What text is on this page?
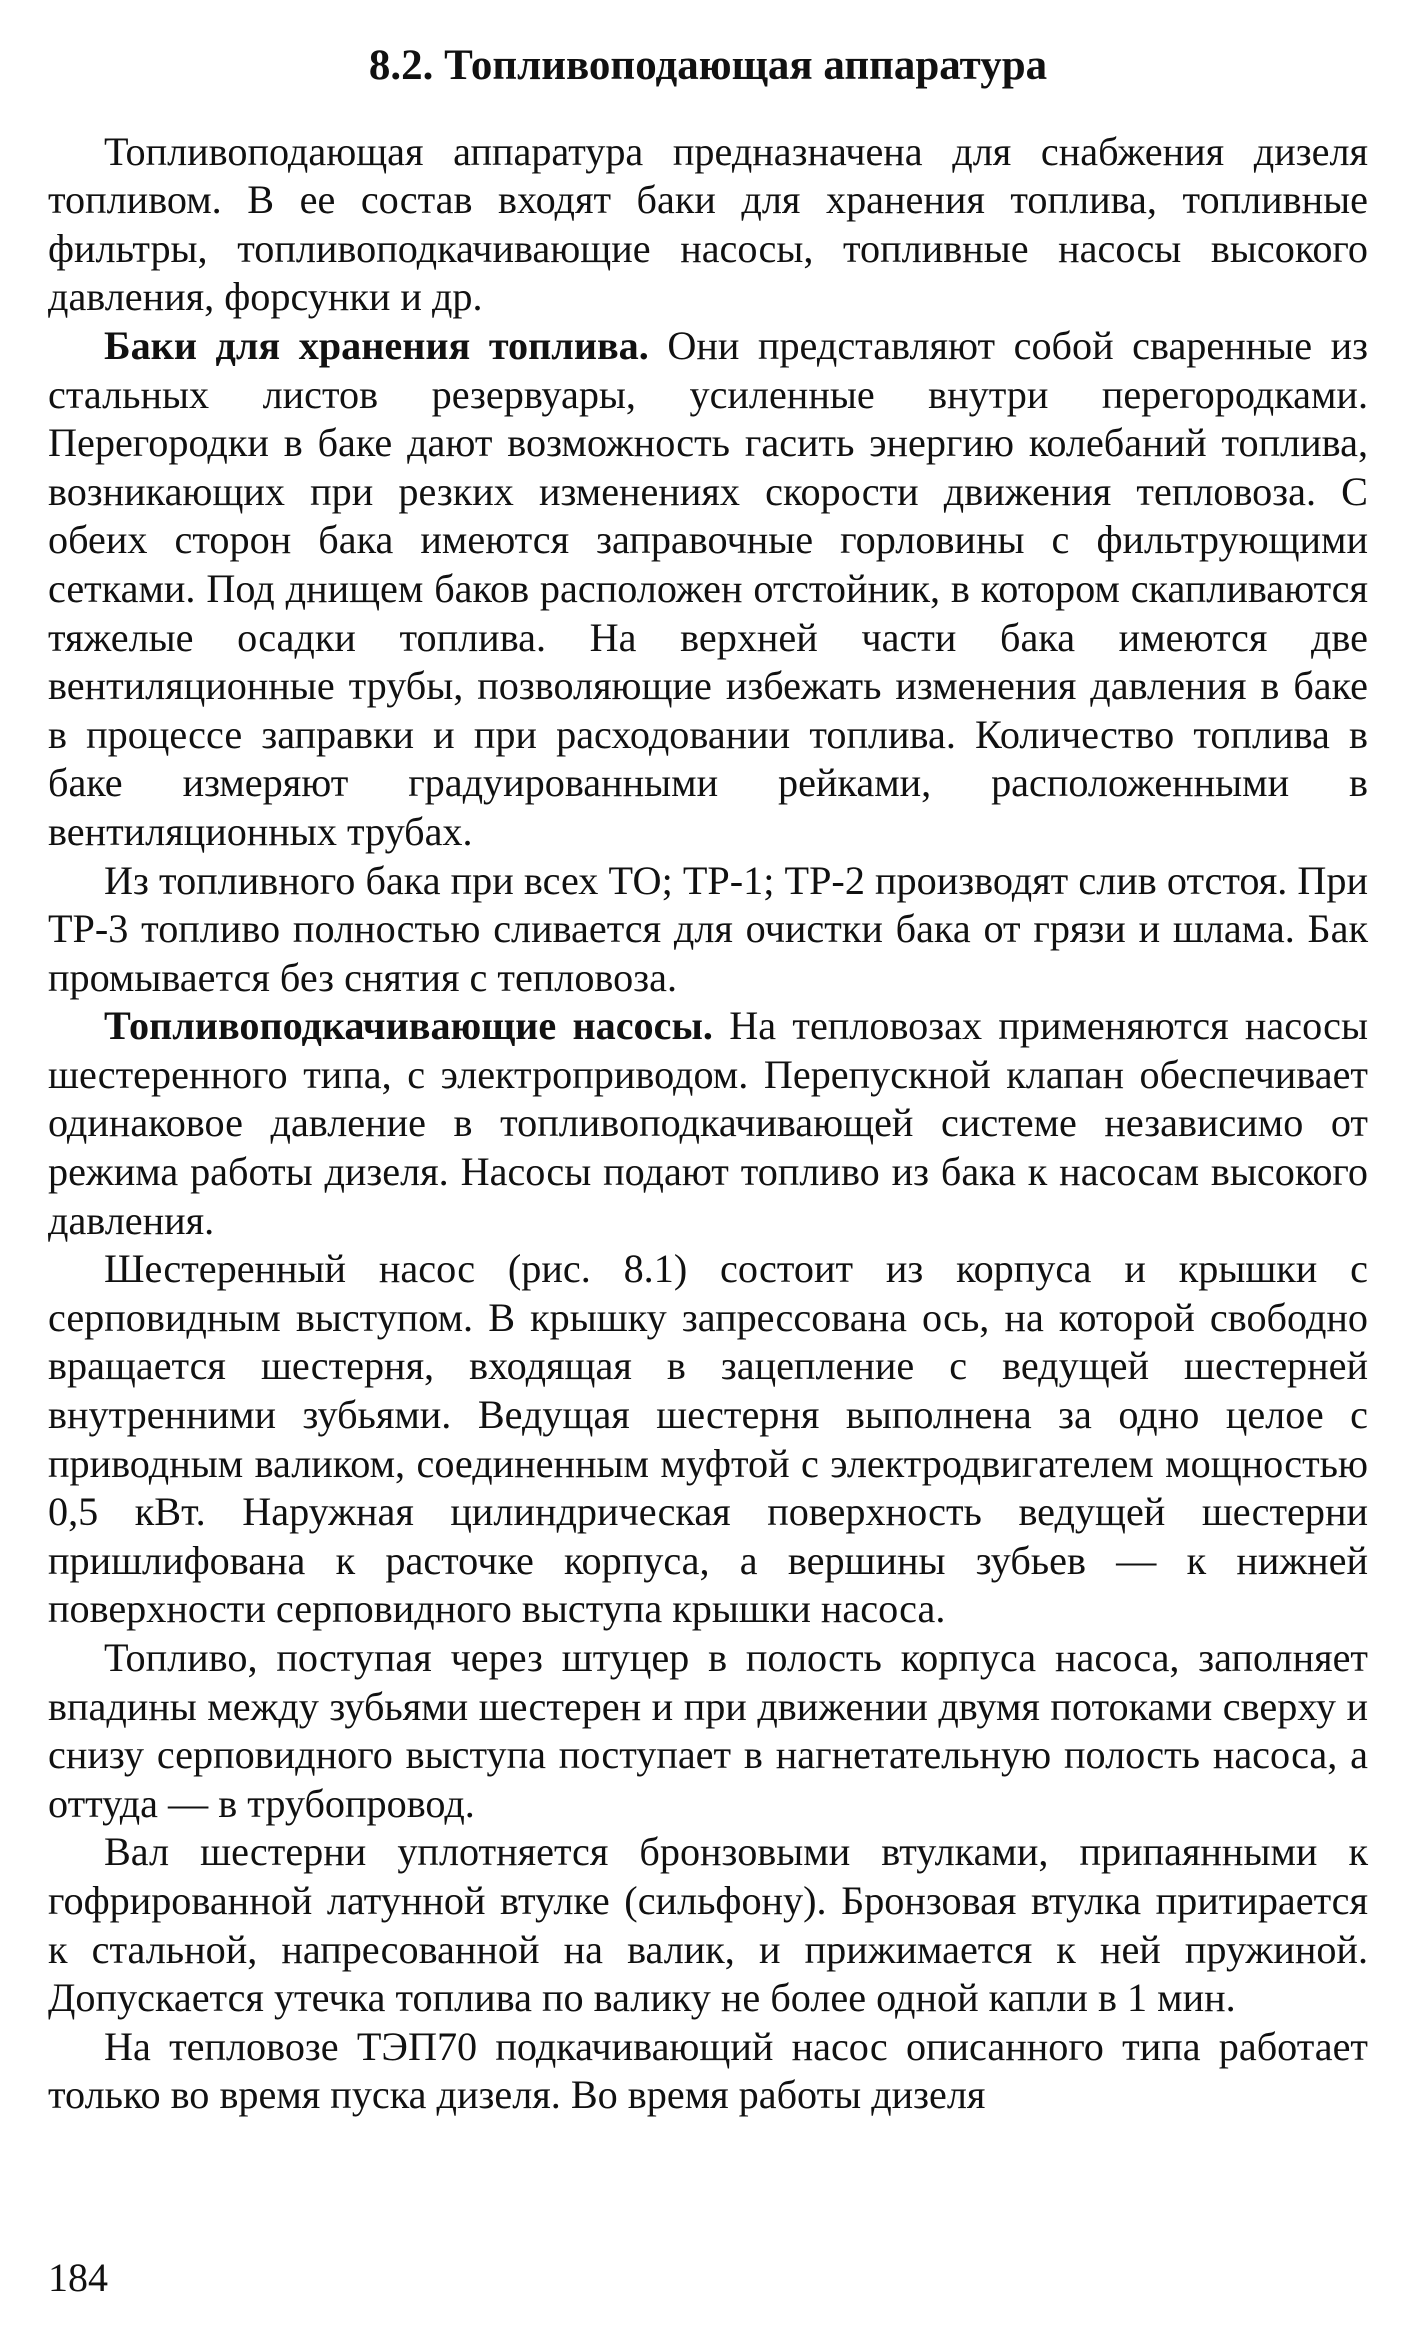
8.2. Топливоподающая аппаратура

Топливоподающая аппаратура предназначена для снабжения дизеля топливом. В ее состав входят баки для хранения топлива, топливные фильтры, топливоподкачивающие насосы, топливные насосы высокого давления, форсунки и др.

Баки для хранения топлива. Они представляют собой сваренные из стальных листов резервуары, усиленные внутри перегородками. Перегородки в баке дают возможность гасить энергию колебаний топлива, возникающих при резких изменениях скорости движения тепловоза. С обеих сторон бака имеются заправочные горловины с фильтрующими сетками. Под днищем баков расположен отстойник, в котором скапливаются тяжелые осадки топлива. На верхней части бака имеются две вентиляционные трубы, позволяющие избежать изменения давления в баке в процессе заправки и при расходовании топлива. Количество топлива в баке измеряют градуированными рейками, расположенными в вентиляционных трубах.

Из топливного бака при всех ТО; ТР-1; ТР-2 производят слив отстоя. При ТР-3 топливо полностью сливается для очистки бака от грязи и шлама. Бак промывается без снятия с тепловоза.

Топливоподкачивающие насосы. На тепловозах применяются насосы шестеренного типа, с электроприводом. Перепускной клапан обеспечивает одинаковое давление в топливоподкачивающей системе независимо от режима работы дизеля. Насосы подают топливо из бака к насосам высокого давления.

Шестеренный насос (рис. 8.1) состоит из корпуса и крышки с серповидным выступом. В крышку запрессована ось, на которой свободно вращается шестерня, входящая в зацепление с ведущей шестерней внутренними зубьями. Ведущая шестерня выполнена за одно целое с приводным валиком, соединенным муфтой с электродвигателем мощностью 0,5 кВт. Наружная цилиндрическая поверхность ведущей шестерни пришлифована к расточке корпуса, а вершины зубьев — к нижней поверхности серповидного выступа крышки насоса.

Топливо, поступая через штуцер в полость корпуса насоса, заполняет впадины между зубьями шестерен и при движении двумя потоками сверху и снизу серповидного выступа поступает в нагнетательную полость насоса, а оттуда — в трубопровод.

Вал шестерни уплотняется бронзовыми втулками, припаянными к гофрированной латунной втулке (сильфону). Бронзовая втулка притирается к стальной, напресованной на валик, и прижимается к ней пружиной. Допускается утечка топлива по валику не более одной капли в 1 мин.

На тепловозе ТЭП70 подкачивающий насос описанного типа работает только во время пуска дизеля. Во время работы дизеля

184
